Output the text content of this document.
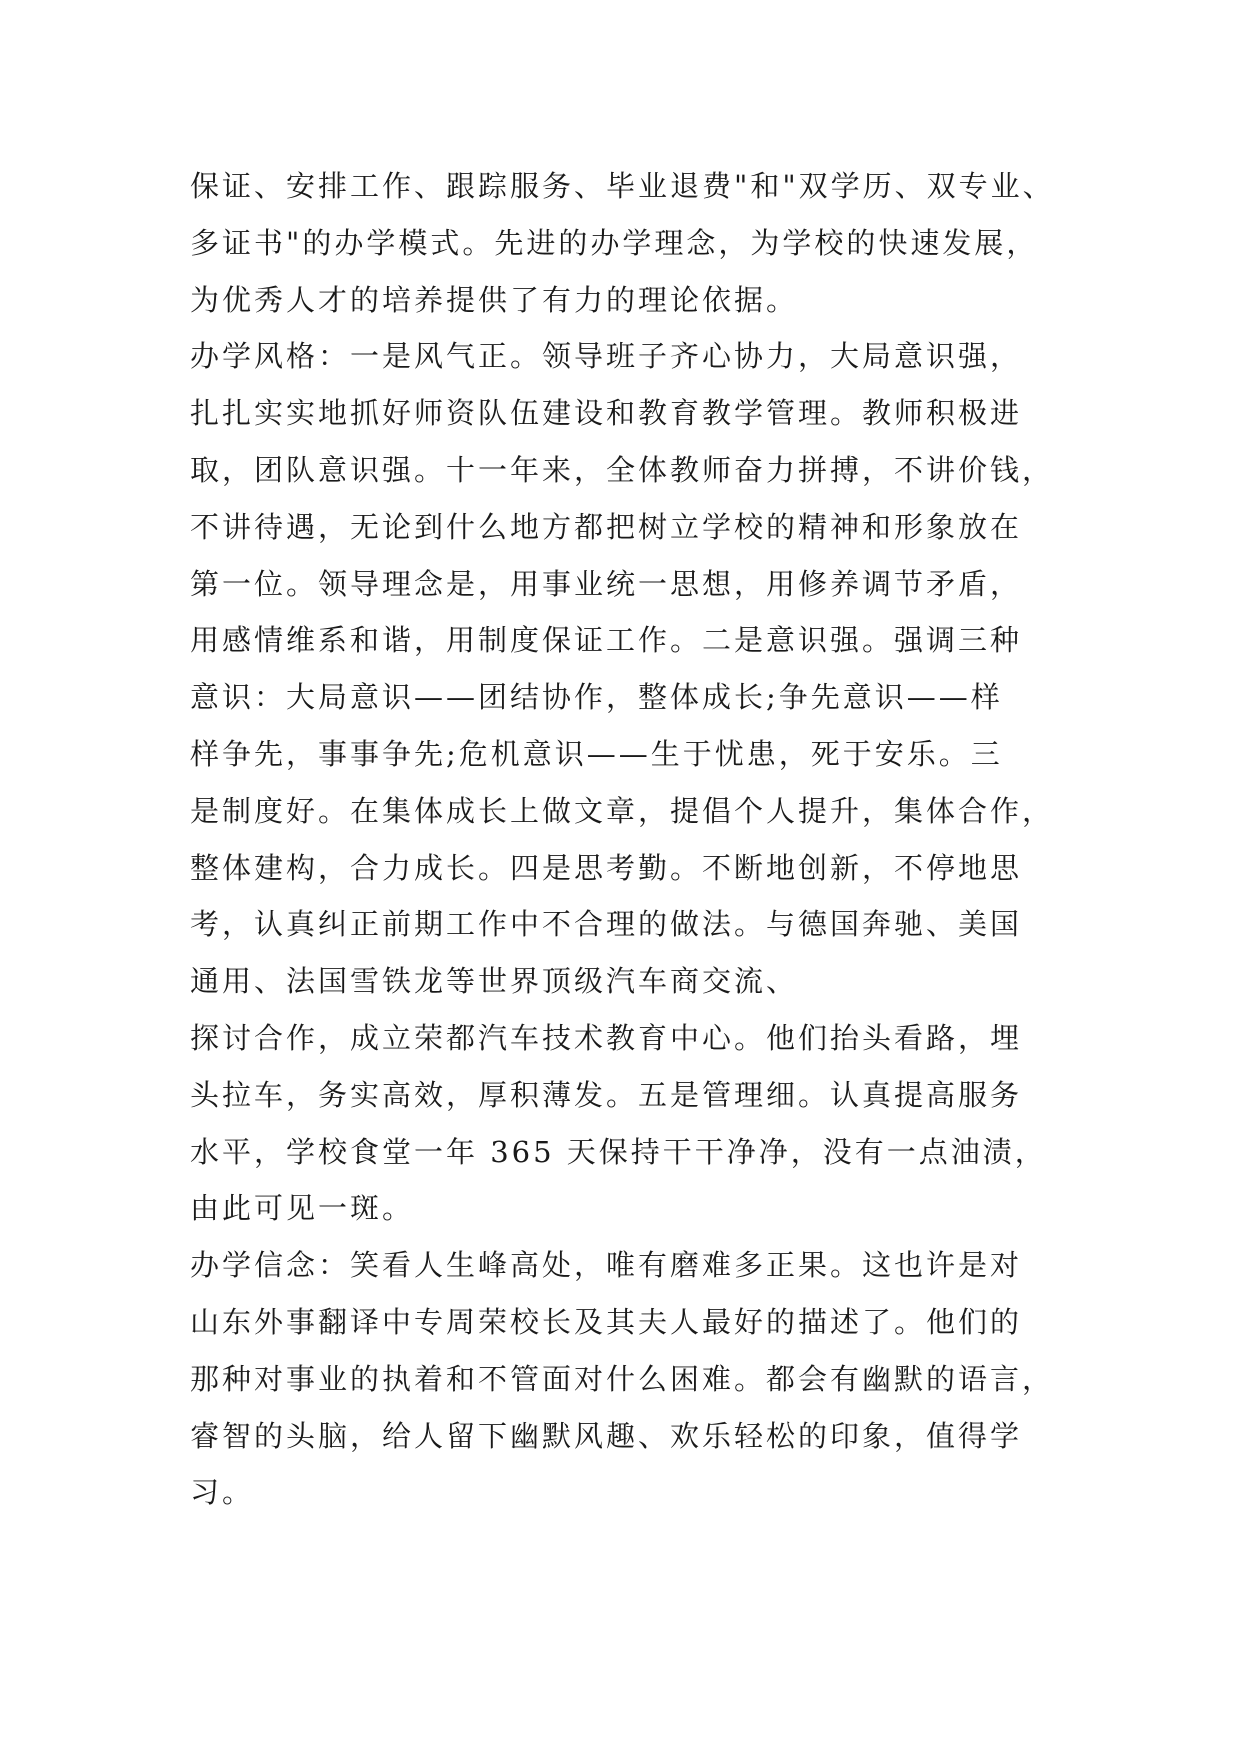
保证、安排工作、跟踪服务、毕业退费"和"双学历、双专业、
多证书"的办学模式。先进的办学理念，为学校的快速发展，
为优秀人才的培养提供了有力的理论依据。
办学风格：一是风气正。领导班子齐心协力，大局意识强，
扎扎实实地抓好师资队伍建设和教育教学管理。教师积极进
取，团队意识强。十一年来，全体教师奋力拼搏，不讲价钱，
不讲待遇，无论到什么地方都把树立学校的精神和形象放在
第一位。领导理念是，用事业统一思想，用修养调节矛盾，
用感情维系和谐，用制度保证工作。二是意识强。强调三种
意识：大局意识——团结协作，整体成长;争先意识——样
样争先，事事争先;危机意识——生于忧患，死于安乐。三
是制度好。在集体成长上做文章，提倡个人提升，集体合作，
整体建构，合力成长。四是思考勤。不断地创新，不停地思
考，认真纠正前期工作中不合理的做法。与德国奔驰、美国
通用、法国雪铁龙等世界顶级汽车商交流、
探讨合作，成立荣都汽车技术教育中心。他们抬头看路，埋
头拉车，务实高效，厚积薄发。五是管理细。认真提高服务
水平，学校食堂一年 365 天保持干干净净，没有一点油渍，
由此可见一斑。
办学信念：笑看人生峰高处，唯有磨难多正果。这也许是对
山东外事翻译中专周荣校长及其夫人最好的描述了。他们的
那种对事业的执着和不管面对什么困难。都会有幽默的语言，
睿智的头脑，给人留下幽默风趣、欢乐轻松的印象，值得学
习。
